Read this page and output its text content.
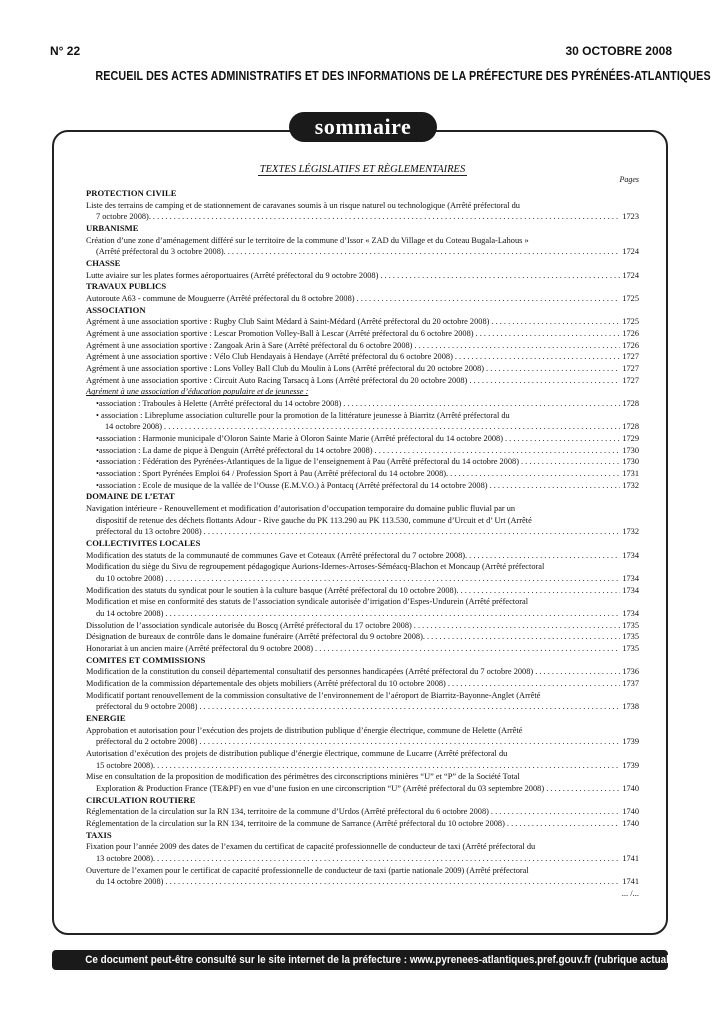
N° 22	30 OCTOBRE 2008
RECUEIL DES ACTES ADMINISTRATIFS ET DES INFORMATIONS DE LA PRÉFECTURE DES PYRÉNÉES-ATLANTIQUES
sommaire
TEXTES LÉGISLATIFS ET RÈGLEMENTAIRES
Pages
PROTECTION CIVILE
Liste des terrains de camping et de stationnement de caravanes soumis à un risque naturel ou technologique (Arrêté préfectoral du
7 octobre 2008). . . .	1723
URBANISME
Création d’une zone d’aménagement différé sur le territoire de la commune d’Issor « ZAD du Village et du Coteau Bugala-Lahous »
(Arrêté préfectoral du 3 octobre 2008). . . .	1724
CHASSE
Lutte aviaire sur les plates formes aéroportuaires (Arrêté préfectoral du 9 octobre 2008) . . .	1724
TRAVAUX PUBLICS
Autoroute A63 - commune de Mouguerre (Arrêté préfectoral du 8 octobre 2008) . . .	1725
ASSOCIATION
Agrément à une association sportive : Rugby Club Saint Médard à Saint-Médard (Arrêté préfectoral du 20 octobre 2008) . . .	1725
Agrément à une association sportive : Lescar Promotion Volley-Ball à Lescar (Arrêté préfectoral du 6 octobre 2008) . . .	1726
Agrément à une association sportive : Zangoak Arin à Sare (Arrêté préfectoral du 6 octobre 2008) . . .	1726
Agrément à une association sportive : Vélo Club Hendayais à Hendaye (Arrêté préfectoral du 6 octobre 2008) . . .	1727
Agrément à une association sportive : Lons Volley Ball Club du Moulin à Lons (Arrêté préfectoral du 20 octobre 2008) . . .	1727
Agrément à une association sportive : Circuit Auto Racing Tarsacq à Lons (Arrêté préfectoral du 20 octobre 2008) . . .	1727
Agrément à une association d’éducation populaire et de jeunesse :
• association : Traboules à Helette (Arrêté préfectoral du 14 octobre 2008) . . .	1728
• association : Libreplume association culturelle pour la promotion de la littérature jeunesse à Biarritz (Arrêté préfectoral du
14 octobre 2008) . . .	1728
• association : Harmonie municipale d’Oloron Sainte Marie à Oloron Sainte Marie (Arrêté préfectoral du 14 octobre 2008) . . .	1729
• association : La dame de pique à Denguin (Arrêté préfectoral du 14 octobre 2008) . . .	1730
• association : Fédération des Pyrénées-Atlantiques de la ligue de l’enseignement à Pau (Arrêté préfectoral du 14 octobre 2008) . . .	1730
• association : Sport Pyrénées Emploi 64 / Profession Sport à Pau (Arrêté préfectoral du 14 octobre 2008). . . .	1731
• association : Ecole de musique de la vallée de l’Ousse (E.M.V.O.) à Pontacq (Arrêté préfectoral du 14 octobre 2008) . . .	1732
DOMAINE DE L’ETAT
Navigation intérieure - Renouvellement et modification d’autorisation d’occupation temporaire du domaine public fluvial par un
dispositif de retenue des déchets flottants Adour - Rive gauche du PK 113.290 au PK 113.530, commune d’Urcuit et d’ Urt (Arrêté
préfectoral du 13 octobre 2008) . . .	1732
COLLECTIVITES LOCALES
Modification des statuts de la communauté de communes Gave et Coteaux (Arrêté préfectoral du 7 octobre 2008). . . .	1734
Modification du siège du Sivu de regroupement pédagogique Aurions-Idernes-Arroses-Séméacq-Blachon et Moncaup (Arrêté préfectoral
du 10 octobre 2008) . . .	1734
Modification des statuts du syndicat pour le soutien à la culture basque (Arrêté préfectoral du 10 octobre 2008). . . .	1734
Modification et mise en conformité des statuts de l’association syndicale autorisée d’irrigation d’Espes-Undurein (Arrêté préfectoral
du 14 octobre 2008) . . .	1734
Dissolution de l’association syndicale autorisée du Boscq (Arrêté préfectoral du 17 octobre 2008) . . .	1735
Désignation de bureaux de contrôle dans le domaine funéraire (Arrêté préfectoral du 9 octobre 2008). . . .	1735
Honorariat à un ancien maire (Arrêté préfectoral du 9 octobre 2008) . . .	1735
COMITES ET COMMISSIONS
Modification de la constitution du conseil départemental consultatif des personnes handicapées (Arrêté préfectoral du 7 octobre 2008) . . . .	1736
Modification de la commission départementale des objets mobiliers (Arrêté préfectoral du 10 octobre 2008) . . .	1737
Modificatif portant renouvellement de la commission consultative de l’environnement de l’aéroport de Biarritz-Bayonne-Anglet (Arrêté
préfectoral du 9 octobre 2008) . . .	1738
ENERGIE
Approbation et autorisation pour l’exécution des projets de distribution publique d’énergie électrique, commune de Helette (Arrêté
préfectoral du 2 octobre 2008) . . .	1739
Autorisation d’exécution des projets de distribution publique d’énergie électrique, commune de Lucarre (Arrêté préfectoral du
15 octobre 2008). . . .	1739
Mise en consultation de la proposition de modification des périmètres des circonscriptions minières “U” et “P” de la Société Total
Exploration & Production France (TE&PF) en vue d’une fusion en une circonscription “U” (Arrêté préfectoral du 03 septembre 2008) . . . .	1740
CIRCULATION ROUTIERE
Réglementation de la circulation sur la RN 134, territoire de la commune d’Urdos (Arrêté préfectoral du 6 octobre 2008) . . .	1740
Réglementation de la circulation sur la RN 134, territoire de la commune de Sarrance (Arrêté préfectoral du 10 octobre 2008) . . .	1740
TAXIS
Fixation pour l’année 2009 des dates de l’examen du certificat de capacité professionnelle de conducteur de taxi (Arrêté préfectoral du
13 octobre 2008). . . .	1741
Ouverture de l’examen pour le certificat de capacité professionnelle de conducteur de taxi (partie nationale 2009) (Arrêté préfectoral
du 14 octobre 2008) . . .	1741
... /...
Ce document peut-être consulté sur le site internet de la préfecture : www.pyrenees-atlantiques.pref.gouv.fr (rubrique actualité)
